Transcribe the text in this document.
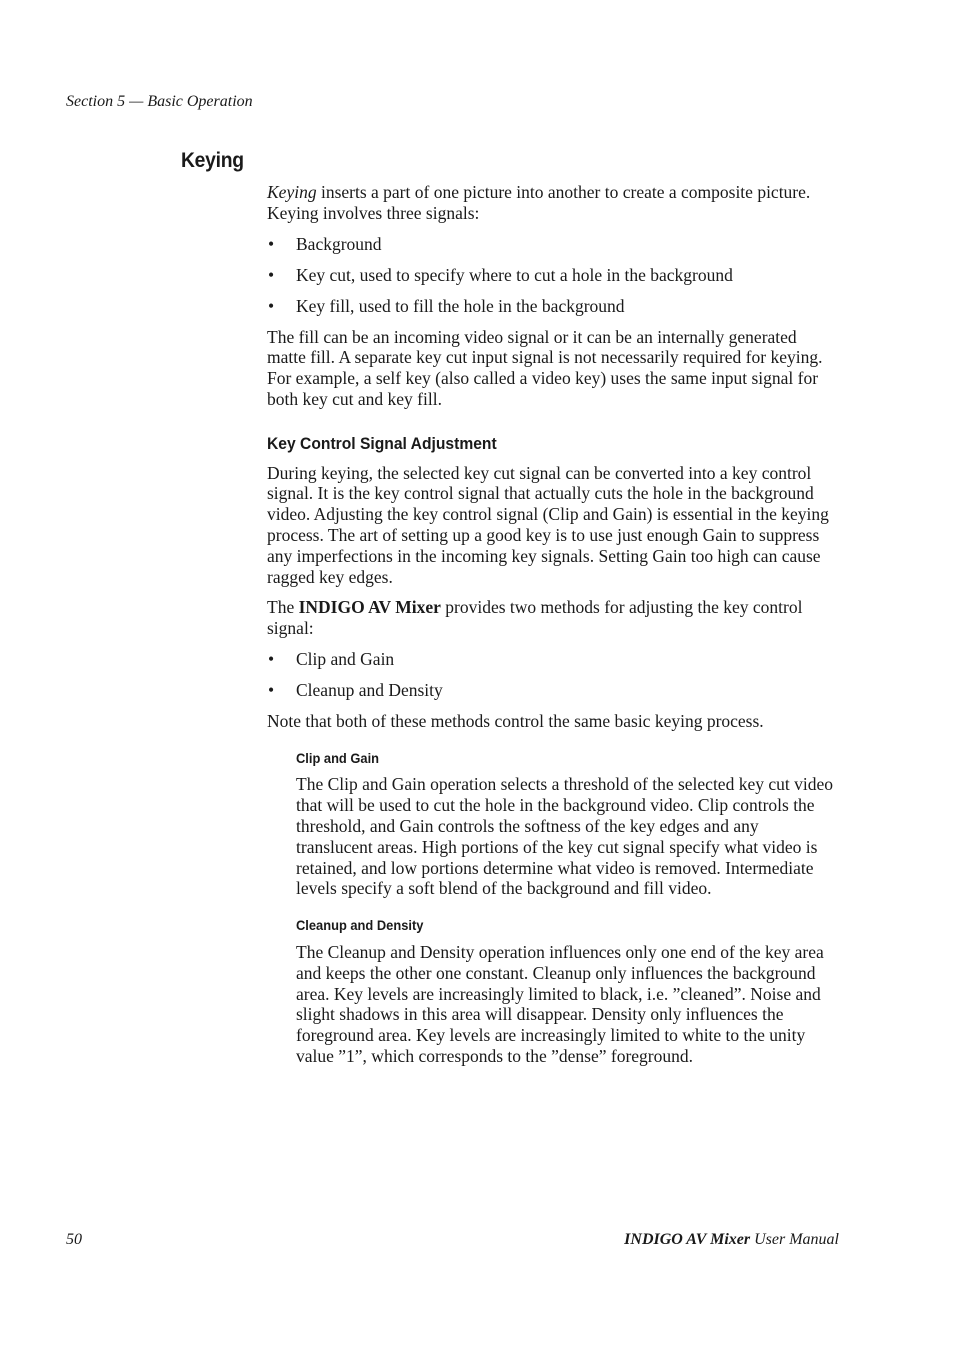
Section 5 — Basic Operation
Keying

Keying inserts a part of one picture into another to create a composite picture. Keying involves three signals:

• Background
• Key cut, used to specify where to cut a hole in the background
• Key fill, used to fill the hole in the background

The fill can be an incoming video signal or it can be an internally generated matte fill. A separate key cut input signal is not necessarily required for keying. For example, a self key (also called a video key) uses the same input signal for both key cut and key fill.

Key Control Signal Adjustment

During keying, the selected key cut signal can be converted into a key control signal. It is the key control signal that actually cuts the hole in the background video. Adjusting the key control signal (Clip and Gain) is essential in the keying process. The art of setting up a good key is to use just enough Gain to suppress any imperfections in the incoming key signals. Setting Gain too high can cause ragged key edges.

The INDIGO AV Mixer provides two methods for adjusting the key control signal:

• Clip and Gain
• Cleanup and Density

Note that both of these methods control the same basic keying process.

Clip and Gain

The Clip and Gain operation selects a threshold of the selected key cut video that will be used to cut the hole in the background video. Clip controls the threshold, and Gain controls the softness of the key edges and any translucent areas. High portions of the key cut signal specify what video is retained, and low portions determine what video is removed. Intermediate levels specify a soft blend of the background and fill video.

Cleanup and Density

The Cleanup and Density operation influences only one end of the key area and keeps the other one constant. Cleanup only influences the background area. Key levels are increasingly limited to black, i.e. ”cleaned”. Noise and slight shadows in this area will disappear. Density only influences the foreground area. Key levels are increasingly limited to white to the unity value ”1”, which corresponds to the ”dense” foreground.

50	INDIGO AV Mixer User Manual
